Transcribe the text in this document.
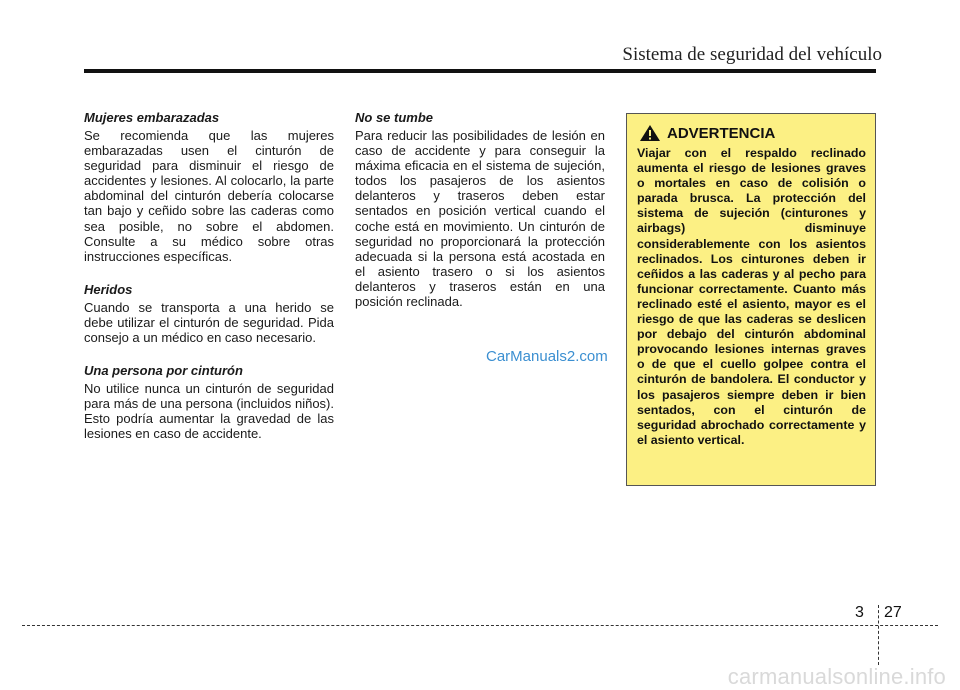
Sistema de seguridad del vehículo
Mujeres embarazadas

Se recomienda que las mujeres embarazadas usen el cinturón de seguridad para disminuir el riesgo de accidentes y lesiones. Al colocarlo, la parte abdominal del cinturón debería colocarse tan bajo y ceñido sobre las caderas como sea posible, no sobre el abdomen. Consulte a su médico sobre otras instrucciones específicas.

Heridos

Cuando se transporta a una herido se debe utilizar el cinturón de seguridad. Pida consejo a un médico en caso necesario.

Una persona por cinturón

No utilice nunca un cinturón de seguridad para más de una persona (incluidos niños). Esto podría aumentar la gravedad de las lesiones en caso de accidente.

No se tumbe

Para reducir las posibilidades de lesión en caso de accidente y para conseguir la máxima eficacia en el sistema de sujeción, todos los pasajeros de los asientos delanteros y traseros deben estar sentados en posición vertical cuando el coche está en movimiento. Un cinturón de seguridad no proporcionará la protección adecuada si la persona está acostada en el asiento trasero o si los asientos delanteros y traseros están en una posición reclinada.

ADVERTENCIA

Viajar con el respaldo reclinado aumenta el riesgo de lesiones graves o mortales en caso de colisión o parada brusca. La protección del sistema de sujeción (cinturones y airbags) disminuye considerablemente con los asientos reclinados. Los cinturones deben ir ceñidos a las caderas y al pecho para funcionar correctamente. Cuanto más reclinado esté el asiento, mayor es el riesgo de que las caderas se deslicen por debajo del cinturón abdominal provocando lesiones internas graves o de que el cuello golpee contra el cinturón de bandolera. El conductor y los pasajeros siempre deben ir bien sentados, con el cinturón de seguridad abrochado correctamente y el asiento vertical.

CarManuals2.com
3 27
carmanualsonline.info
